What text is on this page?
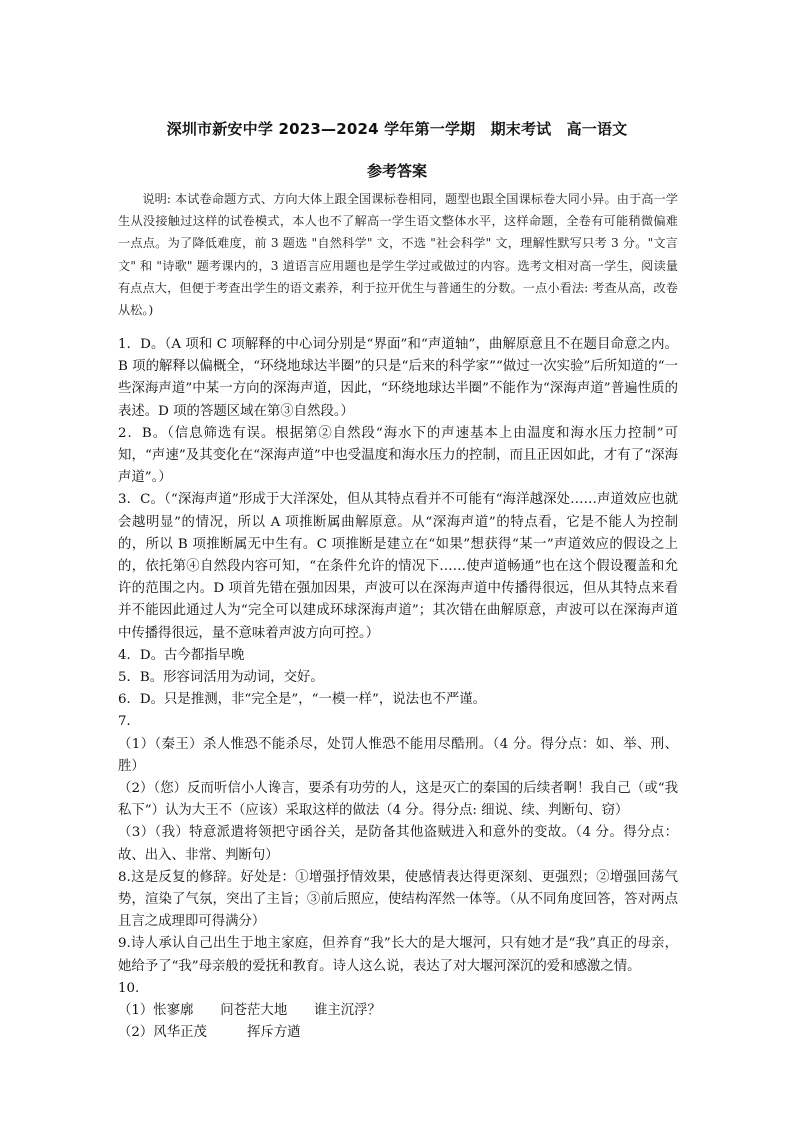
深圳市新安中学 2023—2024 学年第一学期　期末考试　高一语文
参考答案
说明: 本试卷命题方式、方向大体上跟全国课标卷相同，题型也跟全国课标卷大同小异。由于高一学生从没接触过这样的试卷模式，本人也不了解高一学生语文整体水平，这样命题，全卷有可能稍微偏难一点点。为了降低难度，前 3 题选 "自然科学" 文，不选 "社会科学" 文，理解性默写只考 3 分。"文言文" 和 "诗歌" 题考课内的，3 道语言应用题也是学生学过或做过的内容。选考文相对高一学生，阅读量有点点大，但便于考查出学生的语文素养，利于拉开优生与普通生的分数。一点小看法: 考查从高，改卷从松。)

1．D。（A 项和 C 项解释的中心词分别是“界面”和“声道轴”，曲解原意且不在题目命意之内。B 项的解释以偏概全，“环绕地球达半圈”的只是“后来的科学家”“做过一次实验”后所知道的“一些深海声道”中某一方向的深海声道，因此，“环绕地球达半圈”不能作为“深海声道”普遍性质的表述。D 项的答题区域在第③自然段。）

2．B。（信息筛选有误。根据第②自然段“海水下的声速基本上由温度和海水压力控制”可知，“声速”及其变化在“深海声道”中也受温度和海水压力的控制，而且正因如此，才有了“深海声道”。）

3．C。（“深海声道”形成于大洋深处，但从其特点看并不可能有“海洋越深处……声道效应也就会越明显”的情况，所以 A 项推断属曲解原意。从“深海声道”的特点看，它是不能人为控制的，所以 B 项推断属无中生有。C 项推断是建立在“如果”想获得“某一”声道效应的假设之上的，依托第④自然段内容可知，“在条件允许的情况下……使声道畅通”也在这个假设覆盖和允许的范围之内。D 项首先错在强加因果，声波可以在深海声道中传播得很远，但从其特点来看并不能因此通过人为“完全可以建成环球深海声道”；其次错在曲解原意，声波可以在深海声道中传播得很远，量不意味着声波方向可控。）

4．D。古今都指早晚

5．B。形容词活用为动词，交好。

6．D。只是推测，非“完全是”，“一模一样”，说法也不严谨。

7．

（1）（秦王）杀人惟恐不能杀尽，处罚人惟恐不能用尽酷刑。（4 分。得分点：如、举、刑、胜）

（2）（您）反而听信小人谗言，要杀有功劳的人，这是灭亡的秦国的后续者啊！我自己（或“我私下”）认为大王不（应该）采取这样的做法（4 分。得分点: 细说、续、判断句、窃）

（3）（我）特意派遣将领把守函谷关，是防备其他盗贼进入和意外的变故。（4 分。得分点：故、出入、非常、判断句）

8.这是反复的修辞。好处是：①增强抒情效果，使感情表达得更深刻、更强烈；②增强回荡气势，渲染了气氛，突出了主旨；③前后照应，使结构浑然一体等。（从不同角度回答，答对两点且言之成理即可得满分）

9.诗人承认自己出生于地主家庭，但养育“我”长大的是大堰河，只有她才是“我”真正的母亲，她给予了“我”母亲般的爱抚和教育。诗人这么说，表达了对大堰河深沉的爱和感激之情。

10.

（1）怅寥廓　　问苍茫大地　　谁主沉浮？

（2）风华正茂　　　挥斥方遒
